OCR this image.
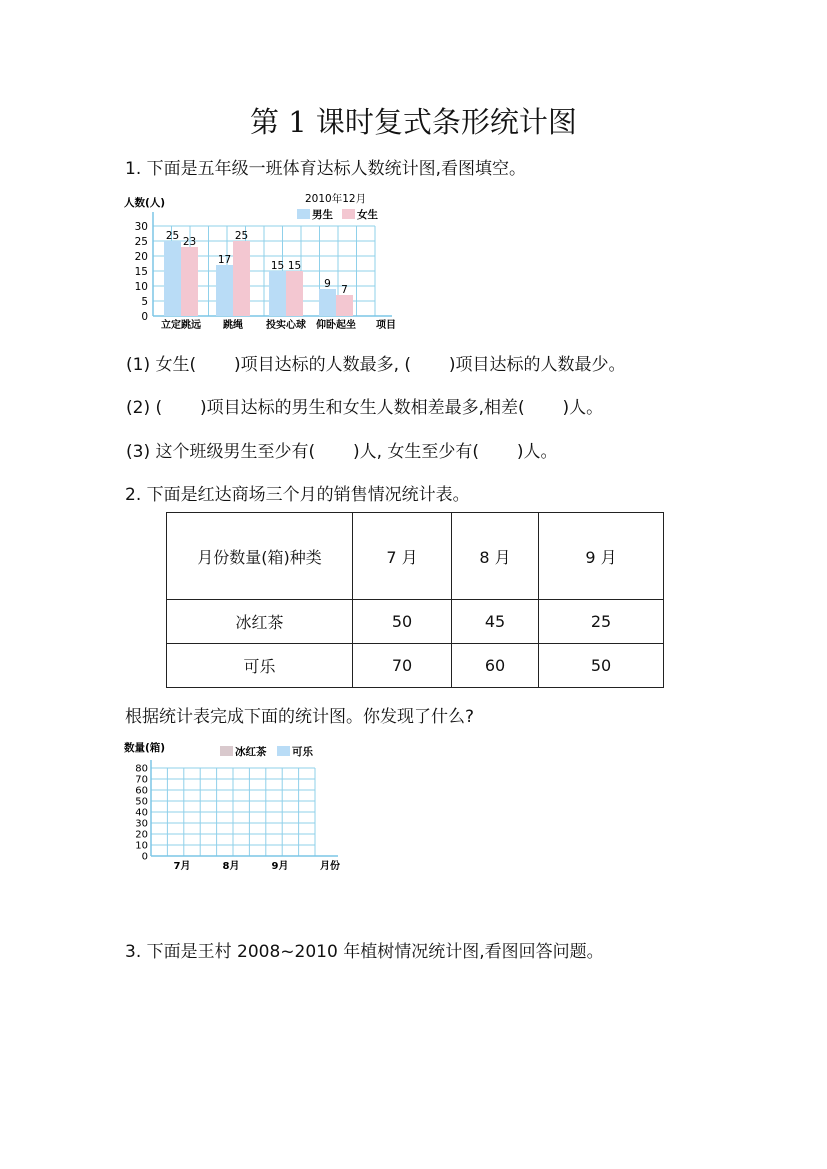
第 1 课时复式条形统计图
1. 下面是五年级一班体育达标人数统计图,看图填空。
人数(人)	2010年12月
男生 女生
0
5
10
15
20
25
30
25 23
立定跳远
17
25
跳绳
15 15
投实心球
9 7
仰卧起坐 项目
(1) 女生(       )项目达标的人数最多, (       )项目达标的人数最少。
(2) (       )项目达标的男生和女生人数相差最多,相差(       )人。
(3) 这个班级男生至少有(       )人, 女生至少有(       )人。
2. 下面是红达商场三个月的销售情况统计表。
月份数量(箱)种类	7 月	8 月	9 月
冰红茶	50	45	25
可乐	70	60	50
根据统计表完成下面的统计图。你发现了什么?
数量(箱)	冰红茶 可乐
0
10
20
30
40
50
60
70
80
7月	8月	9月	月份
3. 下面是王村 2008~2010 年植树情况统计图,看图回答问题。
